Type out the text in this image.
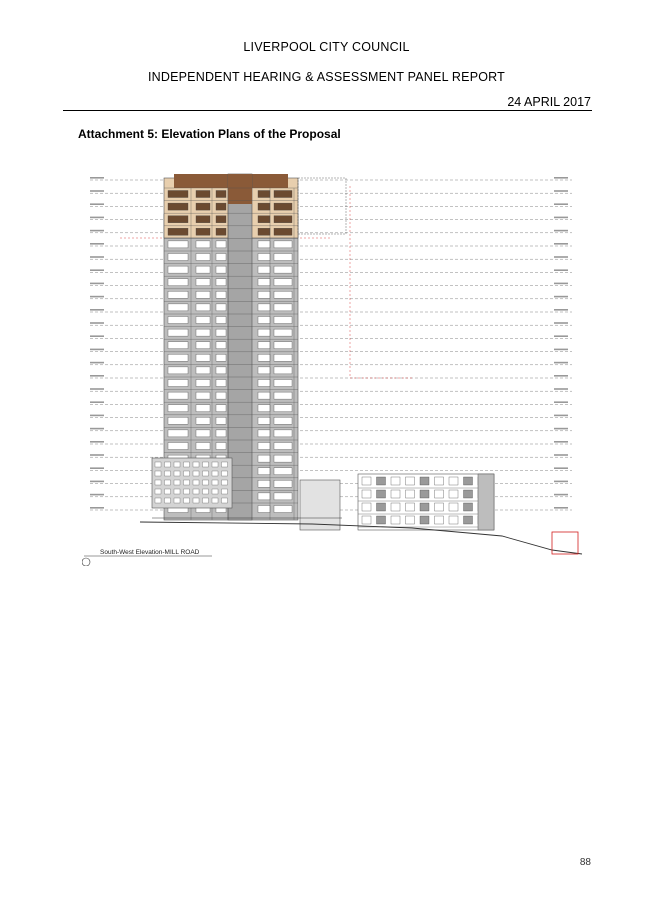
LIVERPOOL CITY COUNCIL
INDEPENDENT HEARING & ASSESSMENT PANEL REPORT
24 APRIL 2017
Attachment 5: Elevation Plans of the Proposal
South-West Elevation-MILL ROAD
88
